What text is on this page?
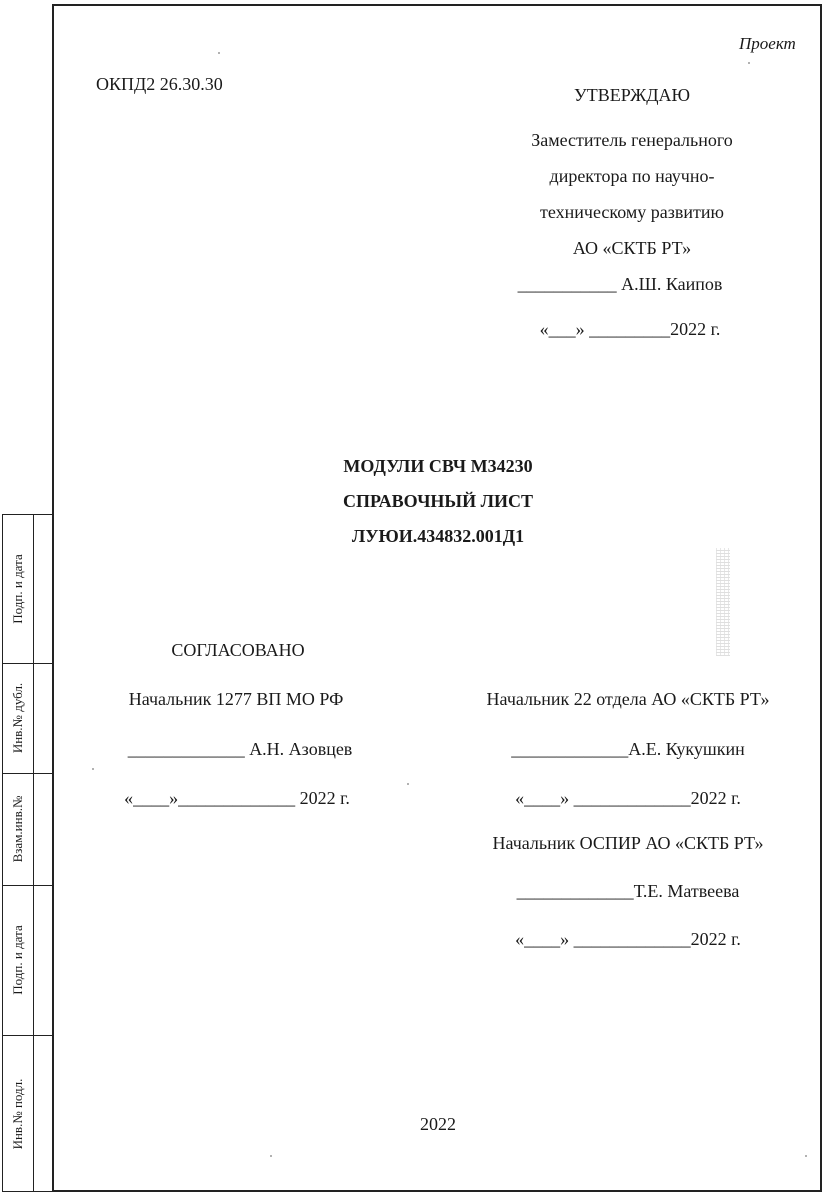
Проект
ОКПД2 26.30.30
УТВЕРЖДАЮ
Заместитель генерального
директора по научно-
техническому развитию
АО «СКТБ РТ»
___________ А.Ш. Каипов
«___» _________2022 г.
МОДУЛИ СВЧ М34230
СПРАВОЧНЫЙ ЛИСТ
ЛУЮИ.434832.001Д1
СОГЛАСОВАНО
Начальник 1277 ВП МО РФ
_____________ А.Н. Азовцев
«____»_____________ 2022 г.
Начальник 22 отдела АО «СКТБ РТ»
_____________А.Е. Кукушкин
«____» _____________2022 г.
Начальник ОСПИР АО «СКТБ РТ»
_____________Т.Е. Матвеева
«____» _____________2022 г.
2022
Подп. и дата
Инв.№ дубл.
Взам.инв.№
Подп. и дата
Инв.№ подл.
